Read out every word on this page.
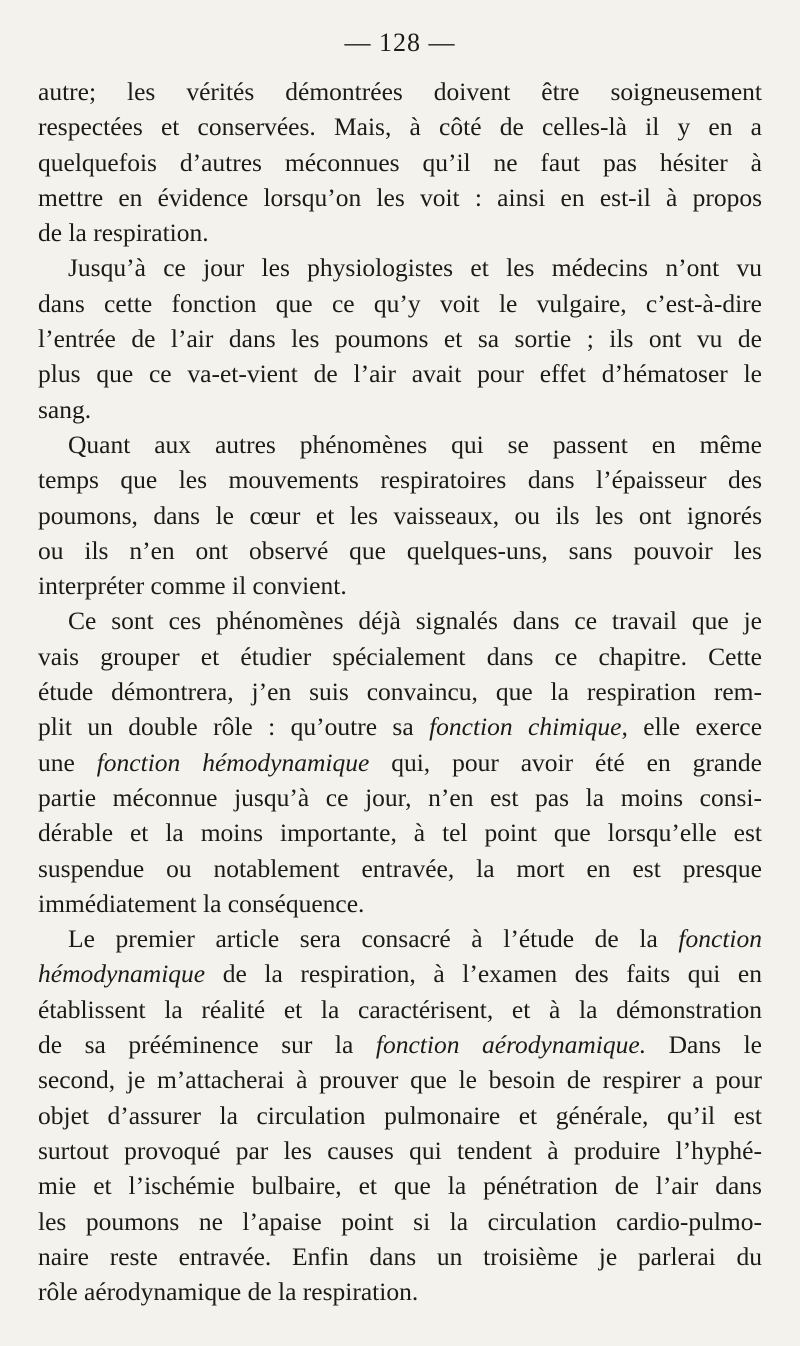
— 128 —
autre; les vérités démontrées doivent être soigneusement
respectées et conservées. Mais, à côté de celles-là il y en a
quelquefois d’autres méconnues qu’il ne faut pas hésiter à
mettre en évidence lorsqu’on les voit : ainsi en est-il à propos
de la respiration.
Jusqu’à ce jour les physiologistes et les médecins n’ont vu
dans cette fonction que ce qu’y voit le vulgaire, c’est-à-dire
l’entrée de l’air dans les poumons et sa sortie ; ils ont vu de
plus que ce va-et-vient de l’air avait pour effet d’hématoser le
sang.
Quant aux autres phénomènes qui se passent en même
temps que les mouvements respiratoires dans l’épaisseur des
poumons, dans le cœur et les vaisseaux, ou ils les ont ignorés
ou ils n’en ont observé que quelques-uns, sans pouvoir les
interpréter comme il convient.
Ce sont ces phénomènes déjà signalés dans ce travail que je
vais grouper et étudier spécialement dans ce chapitre. Cette
étude démontrera, j’en suis convaincu, que la respiration rem-
plit un double rôle : qu’outre sa fonction chimique, elle exerce
une fonction hémodynamique qui, pour avoir été en grande
partie méconnue jusqu’à ce jour, n’en est pas la moins consi-
dérable et la moins importante, à tel point que lorsqu’elle est
suspendue ou notablement entravée, la mort en est presque
immédiatement la conséquence.
Le premier article sera consacré à l’étude de la fonction
hémodynamique de la respiration, à l’examen des faits qui en
établissent la réalité et la caractérisent, et à la démonstration
de sa prééminence sur la fonction aérodynamique. Dans le
second, je m’attacherai à prouver que le besoin de respirer a pour
objet d’assurer la circulation pulmonaire et générale, qu’il est
surtout provoqué par les causes qui tendent à produire l’hyphé-
mie et l’ischémie bulbaire, et que la pénétration de l’air dans
les poumons ne l’apaise point si la circulation cardio-pulmo-
naire reste entravée. Enfin dans un troisième je parlerai du
rôle aérodynamique de la respiration.
